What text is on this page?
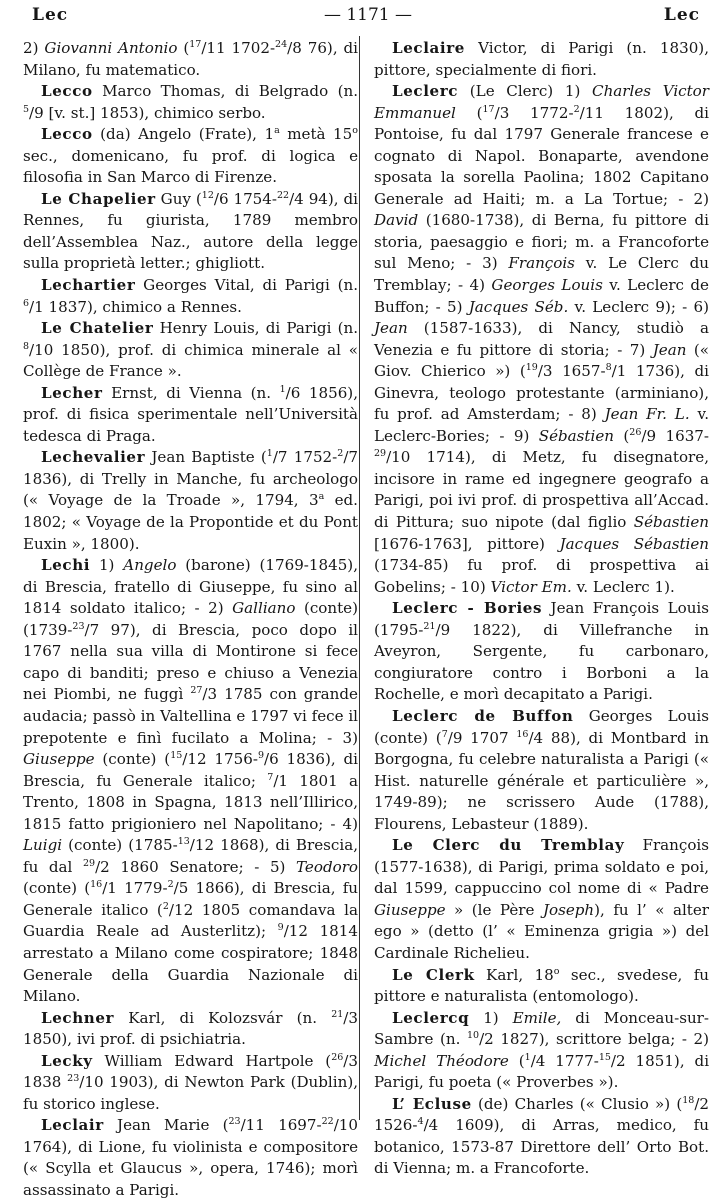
Lec	— 1171 —	Lec

2) Giovanni Antonio ($^{17}$/11 1702-$^{24}$/8 76), di Milano, fu matematico.

Lecco Marco Thomas, di Belgrado (n. $^5$/9 [v. st.] 1853), chimico serbo.

Lecco (da) Angelo (Frate), 1$^a$ metà 15$^o$ sec., domenicano, fu prof. di logica e filosofia in San Marco di Firenze.

Le Chapelier Guy ($^{12}$/6 1754-$^{22}$/4 94), di Rennes, fu giurista, 1789 membro dell’Assemblea Naz., autore della legge sulla proprietà letter.; ghigliott.

Lechartier Georges Vital, di Parigi (n. $^6$/1 1837), chimico a Rennes.

Le Chatelier Henry Louis, di Parigi (n. $^8$/10 1850), prof. di chimica minerale al « Collège de France ».

Lecher Ernst, di Vienna (n. $^1$/6 1856), prof. di fisica sperimentale nell’Università tedesca di Praga.

Lechevalier Jean Baptiste ($^1$/7 1752-$^2$/7 1836), di Trelly in Manche, fu archeologo (« Voyage de la Troade », 1794, 3$^a$ ed. 1802; « Voyage de la Propontide et du Pont Euxin », 1800).

Lechi 1) Angelo (barone) (1769-1845), di Brescia, fratello di Giuseppe, fu sino al 1814 soldato italico; - 2) Galliano (conte) (1739-$^{23}$/7 97), di Brescia, poco dopo il 1767 nella sua villa di Montirone si fece capo di banditi; preso e chiuso a Venezia nei Piombi, ne fuggì $^{27}$/3 1785 con grande audacia; passò in Valtellina e 1797 vi fece il prepotente e finì fucilato a Molina; - 3) Giuseppe (conte) ($^{15}$/12 1756-$^9$/6 1836), di Brescia, fu Generale italico; $^7$/1 1801 a Trento, 1808 in Spagna, 1813 nell’Illirico, 1815 fatto prigioniero nel Napolitano; - 4) Luigi (conte) (1785-$^{13}$/12 1868), di Brescia, fu dal $^{29}$/2 1860 Senatore; - 5) Teodoro (conte) ($^{16}$/1 1779-$^2$/5 1866), di Brescia, fu Generale italico ($^2$/12 1805 comandava la Guardia Reale ad Austerlitz); $^9$/12 1814 arrestato a Milano come cospiratore; 1848 Generale della Guardia Nazionale di Milano.

Lechner Karl, di Kolozsvár (n. $^{21}$/3 1850), ivi prof. di psichiatria.

Lecky William Edward Hartpole ($^{26}$/3 1838 $^{23}$/10 1903), di Newton Park (Dublin), fu storico inglese.

Leclair Jean Marie ($^{23}$/11 1697-$^{22}$/10 1764), di Lione, fu violinista e compositore (« Scylla et Glaucus », opera, 1746); morì assassinato a Parigi.

Leclaire Victor, di Parigi (n. 1830), pittore, specialmente di fiori.

Leclerc (Le Clerc) 1) Charles Victor Emmanuel ($^{17}$/3 1772-$^2$/11 1802), di Pontoise, fu dal 1797 Generale francese e cognato di Napol. Bonaparte, avendone sposata la sorella Paolina; 1802 Capitano Generale ad Haiti; m. a La Tortue; - 2) David (1680-1738), di Berna, fu pittore di storia, paesaggio e fiori; m. a Francoforte sul Meno; - 3) François v. Le Clerc du Tremblay; - 4) Georges Louis v. Leclerc de Buffon; - 5) Jacques Séb. v. Leclerc 9); - 6) Jean (1587-1633), di Nancy, studiò a Venezia e fu pittore di storia; - 7) Jean (« Giov. Chierico ») ($^{19}$/3 1657-$^8$/1 1736), di Ginevra, teologo protestante (arminiano), fu prof. ad Amsterdam; - 8) Jean Fr. L. v. Leclerc-Bories; - 9) Sébastien ($^{26}$/9 1637-$^{29}$/10 1714), di Metz, fu disegnatore, incisore in rame ed ingegnere geografo a Parigi, poi ivi prof. di prospettiva all’Accad. di Pittura; suo nipote (dal figlio Sébastien [1676-1763], pittore) Jacques Sébastien (1734-85) fu prof. di prospettiva ai Gobelins; - 10) Victor Em. v. Leclerc 1).

Leclerc - Bories Jean François Louis (1795-$^{21}$/9 1822), di Villefranche in Aveyron, Sergente, fu carbonaro, congiuratore contro i Borboni a la Rochelle, e morì decapitato a Parigi.

Leclerc de Buffon Georges Louis (conte) ($^7$/9 1707 $^{16}$/4 88), di Montbard in Borgogna, fu celebre naturalista a Parigi (« Hist. naturelle générale et particulière », 1749-89); ne scrissero Aude (1788), Flourens, Lebasteur (1889).

Le Clerc du Tremblay François (1577-1638), di Parigi, prima soldato e poi, dal 1599, cappuccino col nome di « Padre Giuseppe » (le Père Joseph), fu l’ « alter ego » (detto (l’ « Eminenza grigia ») del Cardinale Richelieu.

Le Clerk Karl, 18$^o$ sec., svedese, fu pittore e naturalista (entomologo).

Leclercq 1) Emile, di Monceau-sur-Sambre (n. $^{10}$/2 1827), scrittore belga; - 2) Michel Théodore ($^1$/4 1777-$^{15}$/2 1851), di Parigi, fu poeta (« Proverbes »).

L’ Ecluse (de) Charles (« Clusio ») ($^{18}$/2 1526-$^4$/4 1609), di Arras, medico, fu botanico, 1573-87 Direttore dell’ Orto Bot. di Vienna; m. a Francoforte.
